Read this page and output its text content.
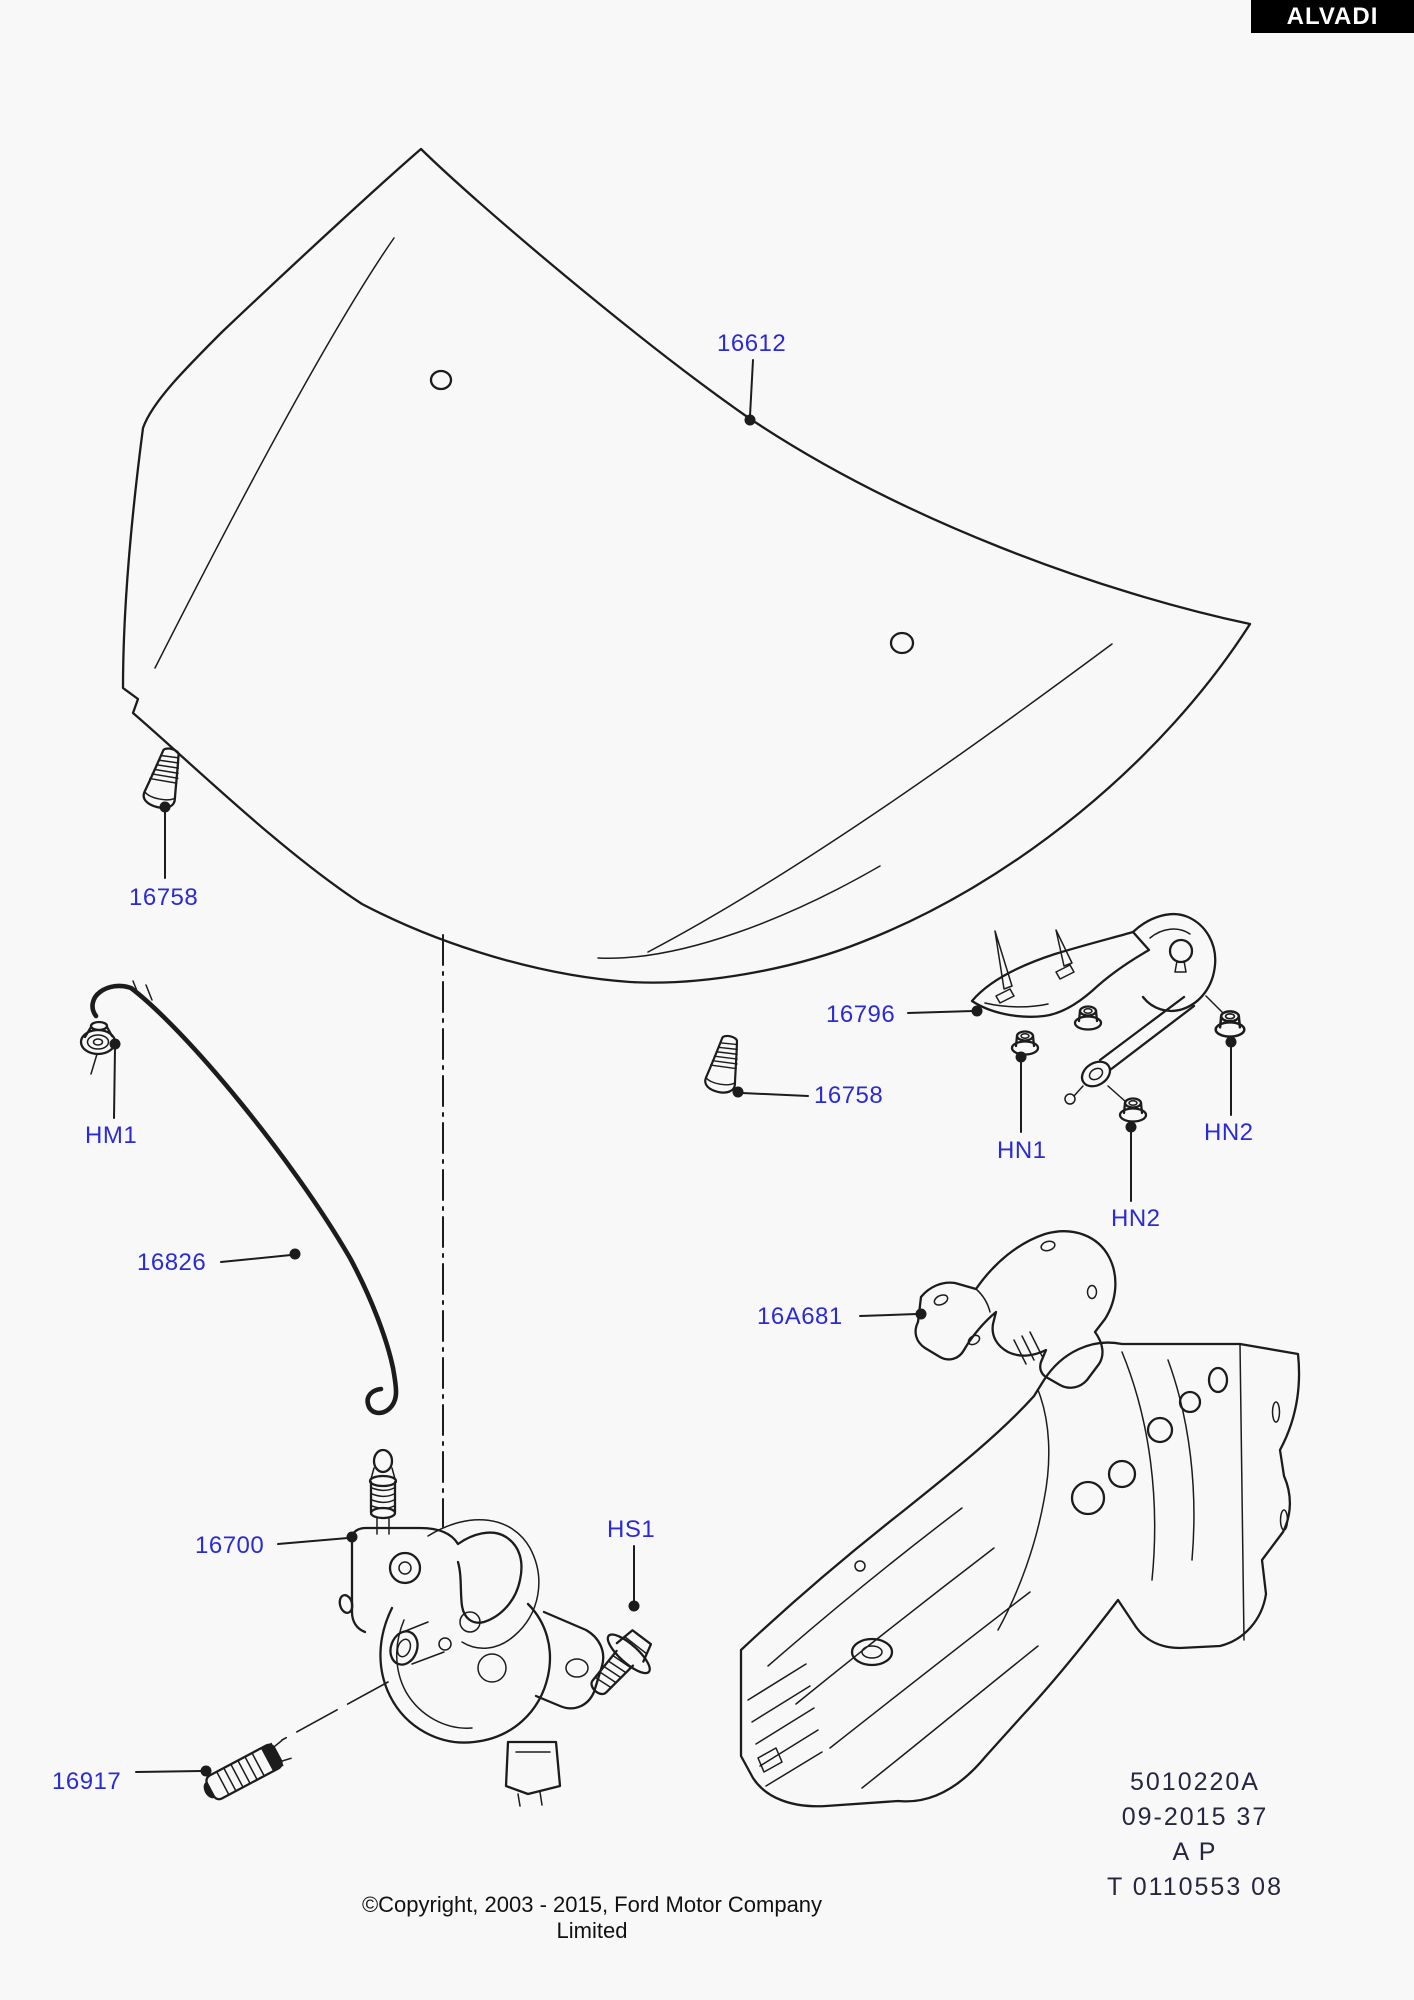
ALVADI
16612
16758
HM1
16826
16796
16758
HN1
HN2
HN2
16A681
16700
HS1
16917	5010220A
09-2015 37
A P
T 0110553 08
©Copyright, 2003 - 2015, Ford Motor Company Limited
